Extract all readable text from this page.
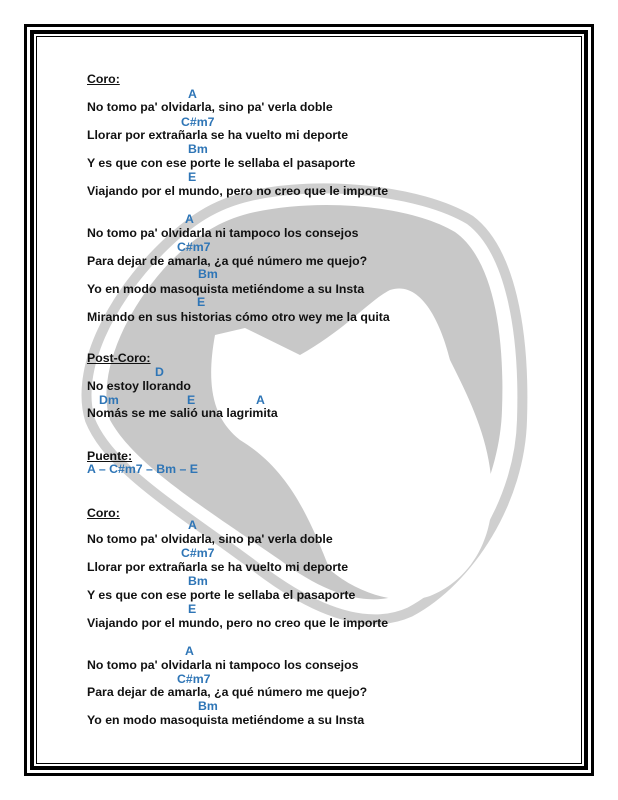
Coro:
A
No tomo pa' olvidarla, sino pa' verla doble
C#m7
Llorar por extrañarla se ha vuelto mi deporte
Bm
Y es que con ese porte le sellaba el pasaporte
E
Viajando por el mundo, pero no creo que le importe
A
No tomo pa' olvidarla ni tampoco los consejos
C#m7
Para dejar de amarla, ¿a qué número me quejo?
Bm
Yo en modo masoquista metiéndome a su Insta
E
Mirando en sus historias cómo otro wey me la quita
Post-Coro:
D
No estoy llorando
Dm	E	A
Nomás se me salió una lagrimita
Puente:
A – C#m7 – Bm – E
Coro:
A
No tomo pa' olvidarla, sino pa' verla doble
C#m7
Llorar por extrañarla se ha vuelto mi deporte
Bm
Y es que con ese porte le sellaba el pasaporte
E
Viajando por el mundo, pero no creo que le importe
A
No tomo pa' olvidarla ni tampoco los consejos
C#m7
Para dejar de amarla, ¿a qué número me quejo?
Bm
Yo en modo masoquista metiéndome a su Insta
